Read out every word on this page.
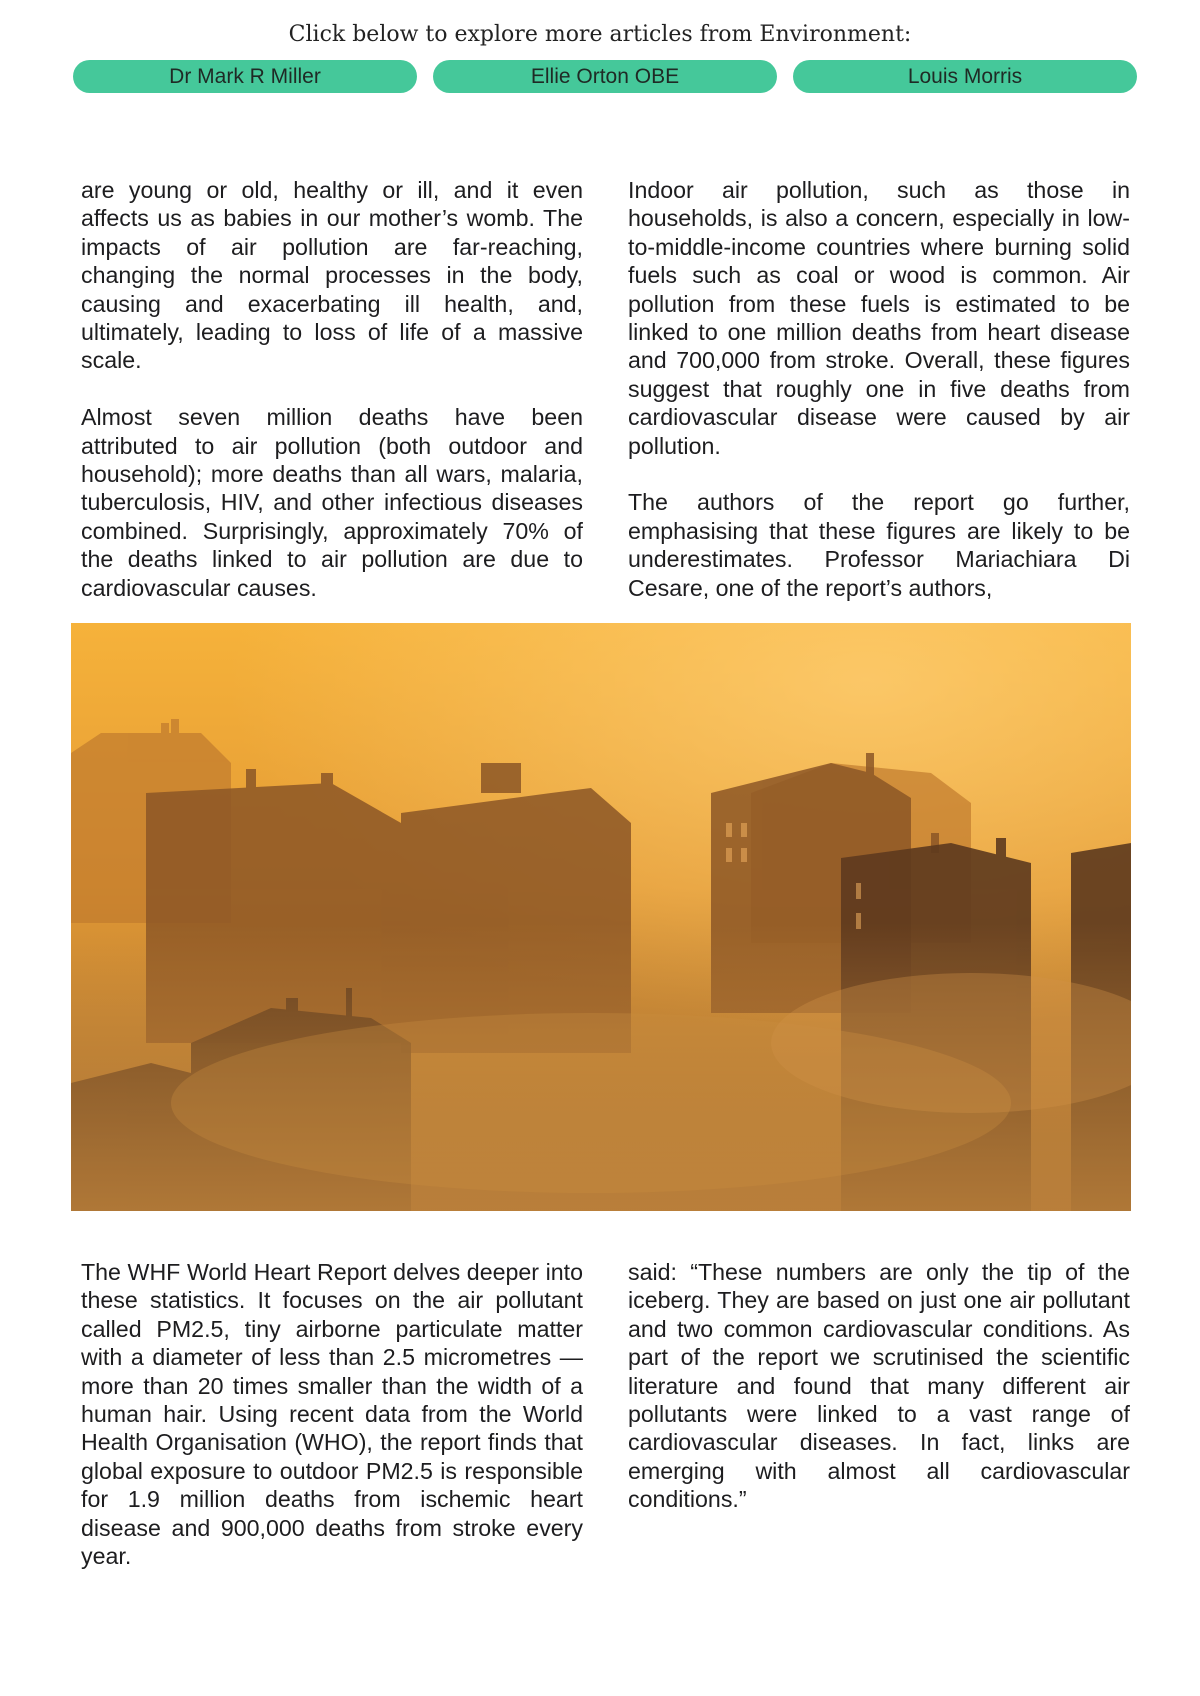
Click below to explore more articles from Environment:
Dr Mark R Miller	Ellie Orton OBE	Louis Morris

are young or old, healthy or ill, and it even affects us as babies in our mother’s womb. The impacts of air pollution are far-reaching, changing the normal processes in the body, causing and exacerbating ill health, and, ultimately, leading to loss of life of a massive scale.

Almost seven million deaths have been attributed to air pollution (both outdoor and household); more deaths than all wars, malaria, tuberculosis, HIV, and other infectious diseases combined. Surprisingly, approximately 70% of the deaths linked to air pollution are due to cardiovascular causes.

Indoor air pollution, such as those in households, is also a concern, especially in low-to-middle-income countries where burning solid fuels such as coal or wood is common. Air pollution from these fuels is estimated to be linked to one million deaths from heart disease and 700,000 from stroke. Overall, these figures suggest that roughly one in five deaths from cardiovascular disease were caused by air pollution.

The authors of the report go further, emphasising that these figures are likely to be underestimates. Professor Mariachiara Di Cesare, one of the report’s authors,

The WHF World Heart Report delves deeper into these statistics. It focuses on the air pollutant called PM2.5, tiny airborne particulate matter with a diameter of less than 2.5 micrometres — more than 20 times smaller than the width of a human hair. Using recent data from the World Health Organisation (WHO), the report finds that global exposure to outdoor PM2.5 is responsible for 1.9 million deaths from ischemic heart disease and 900,000 deaths from stroke every year.

said: “These numbers are only the tip of the iceberg. They are based on just one air pollutant and two common cardiovascular conditions. As part of the report we scrutinised the scientific literature and found that many different air pollutants were linked to a vast range of cardiovascular diseases. In fact, links are emerging with almost all cardiovascular conditions.”
